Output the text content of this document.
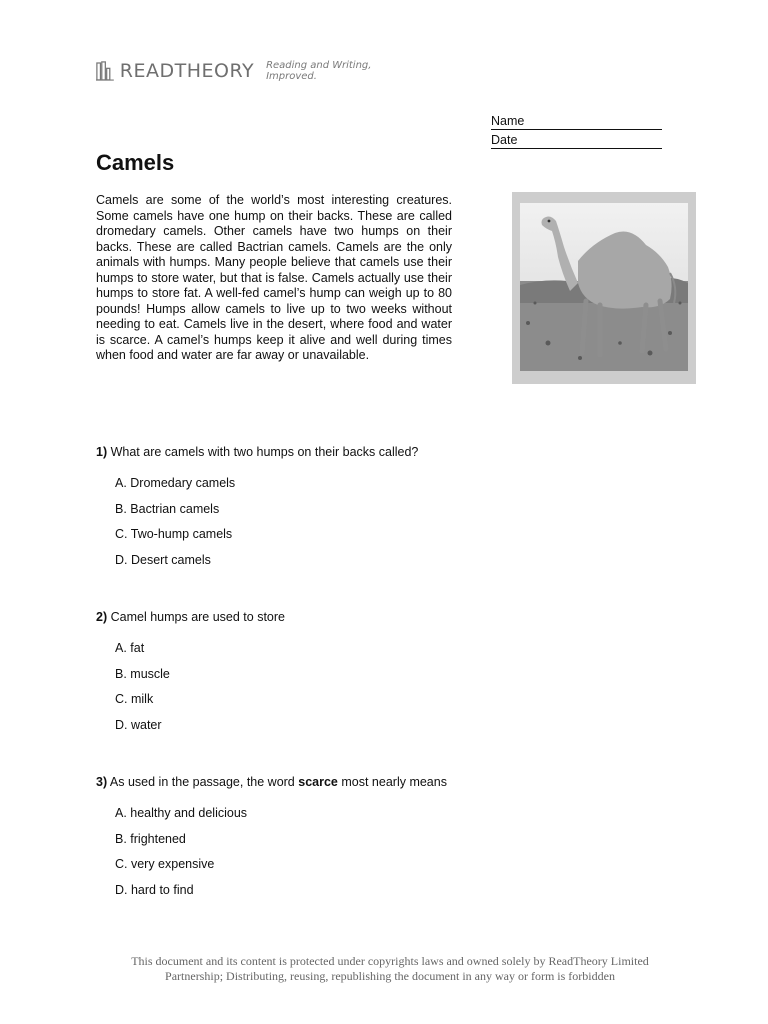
READTHEORY Reading and Writing, Improved.
Name
Date
Camels

Camels are some of the world’s most interesting creatures. Some camels have one hump on their backs. These are called dromedary camels. Other camels have two humps on their backs. These are called Bactrian camels. Camels are the only animals with humps. Many people believe that camels use their humps to store water, but that is false. Camels actually use their humps to store fat. A well-fed camel’s hump can weigh up to 80 pounds! Humps allow camels to live up to two weeks without needing to eat. Camels live in the desert, where food and water is scarce. A camel’s humps keep it alive and well during times when food and water are far away or unavailable.

1) What are camels with two humps on their backs called?

A. Dromedary camels
B. Bactrian camels
C. Two-hump camels
D. Desert camels

2) Camel humps are used to store

A. fat
B. muscle
C. milk
D. water

3) As used in the passage, the word scarce most nearly means

A. healthy and delicious
B. frightened
C. very expensive
D. hard to find

This document and its content is protected under copyrights laws and owned solely by ReadTheory Limited
Partnership; Distributing, reusing, republishing the document in any way or form is forbidden
